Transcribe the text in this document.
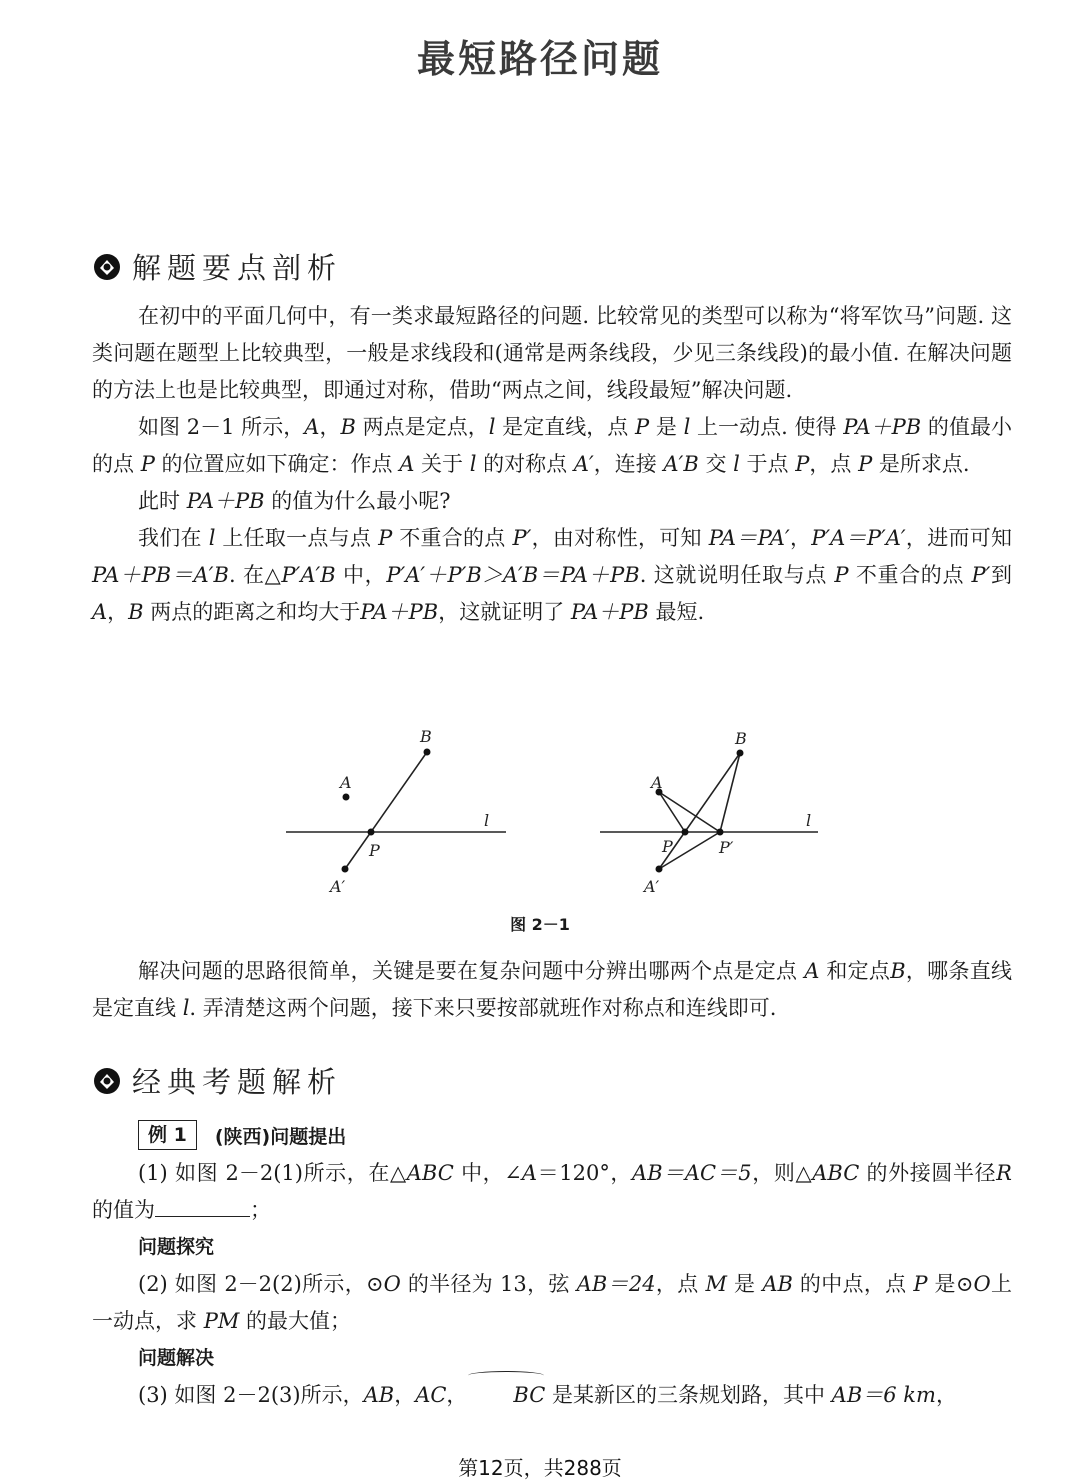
最短路径问题
解题要点剖析

在初中的平面几何中，有一类求最短路径的问题. 比较常见的类型可以称为“将军饮马”问题. 这类问题在题型上比较典型，一般是求线段和(通常是两条线段，少见三条线段)的最小值. 在解决问题的方法上也是比较典型，即通过对称，借助“两点之间，线段最短”解决问题.

如图 2－1 所示，A，B 两点是定点，l 是定直线，点 P 是 l 上一动点. 使得 PA＋PB 的值最小的点 P 的位置应如下确定：作点 A 关于 l 的对称点 A′，连接 A′B 交 l 于点 P，点 P 是所求点.

此时 PA＋PB 的值为什么最小呢?

我们在 l 上任取一点与点 P 不重合的点 P′，由对称性，可知 PA＝PA′，P′A＝P′A′，进而可知 PA＋PB＝A′B. 在△P′A′B 中，P′A′＋P′B＞A′B＝PA＋PB. 这就说明任取与点 P 不重合的点 P′到A，B 两点的距离之和均大于PA＋PB，这就证明了 PA＋PB 最短.

B
A
P
A′
l
B
A
P	P′
A′
l
图 2－1

解决问题的思路很简单，关键是要在复杂问题中分辨出哪两个点是定点 A 和定点B，哪条直线是定直线 l. 弄清楚这两个问题，接下来只要按部就班作对称点和连线即可.

经典考题解析
例 1	(陕西)问题提出

(1) 如图 2－2(1)所示，在△ABC 中，∠A＝120°，AB＝AC＝5，则△ABC 的外接圆半径R 的值为	；

问题探究

(2) 如图 2－2(2)所示，⊙O 的半径为 13，弦 AB＝24，点 M 是 AB 的中点，点 P 是⊙O上一动点，求 PM 的最大值；

问题解决

(3) 如图 2－2(3)所示，AB，AC， BC 是某新区的三条规划路，其中 AB＝6 km，

第12页，共288页
